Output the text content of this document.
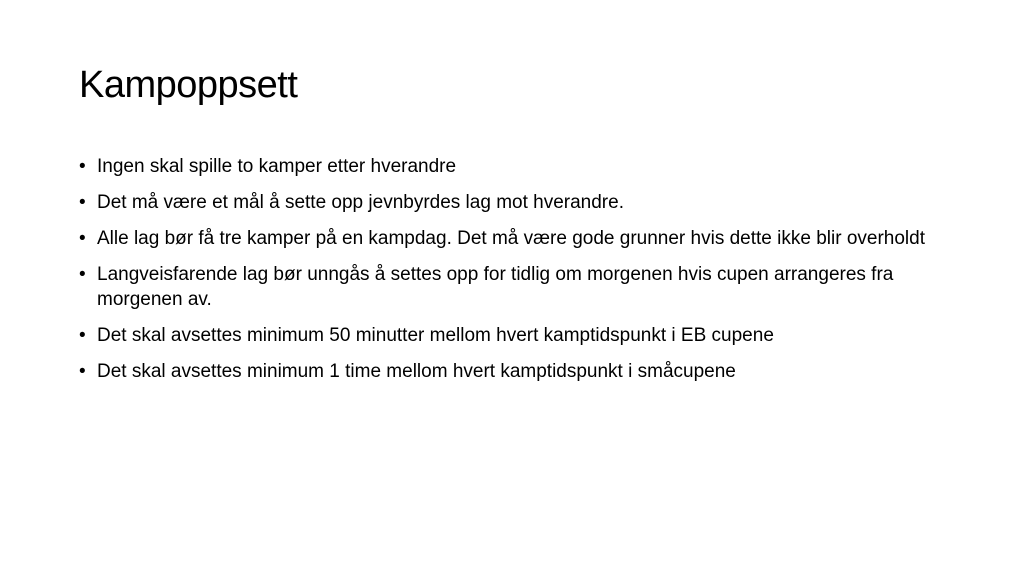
Kampoppsett
• Ingen skal spille to kamper etter hverandre
• Det må være et mål å sette opp jevnbyrdes lag mot hverandre.
• Alle lag bør få tre kamper på en kampdag. Det må være gode grunner hvis dette ikke blir overholdt
• Langveisfarende lag bør unngås å settes opp for tidlig om morgenen hvis cupen arrangeres fra morgenen av.
• Det skal avsettes minimum 50 minutter mellom hvert kamptidspunkt i EB cupene
• Det skal avsettes minimum 1 time mellom hvert kamptidspunkt i småcupene
